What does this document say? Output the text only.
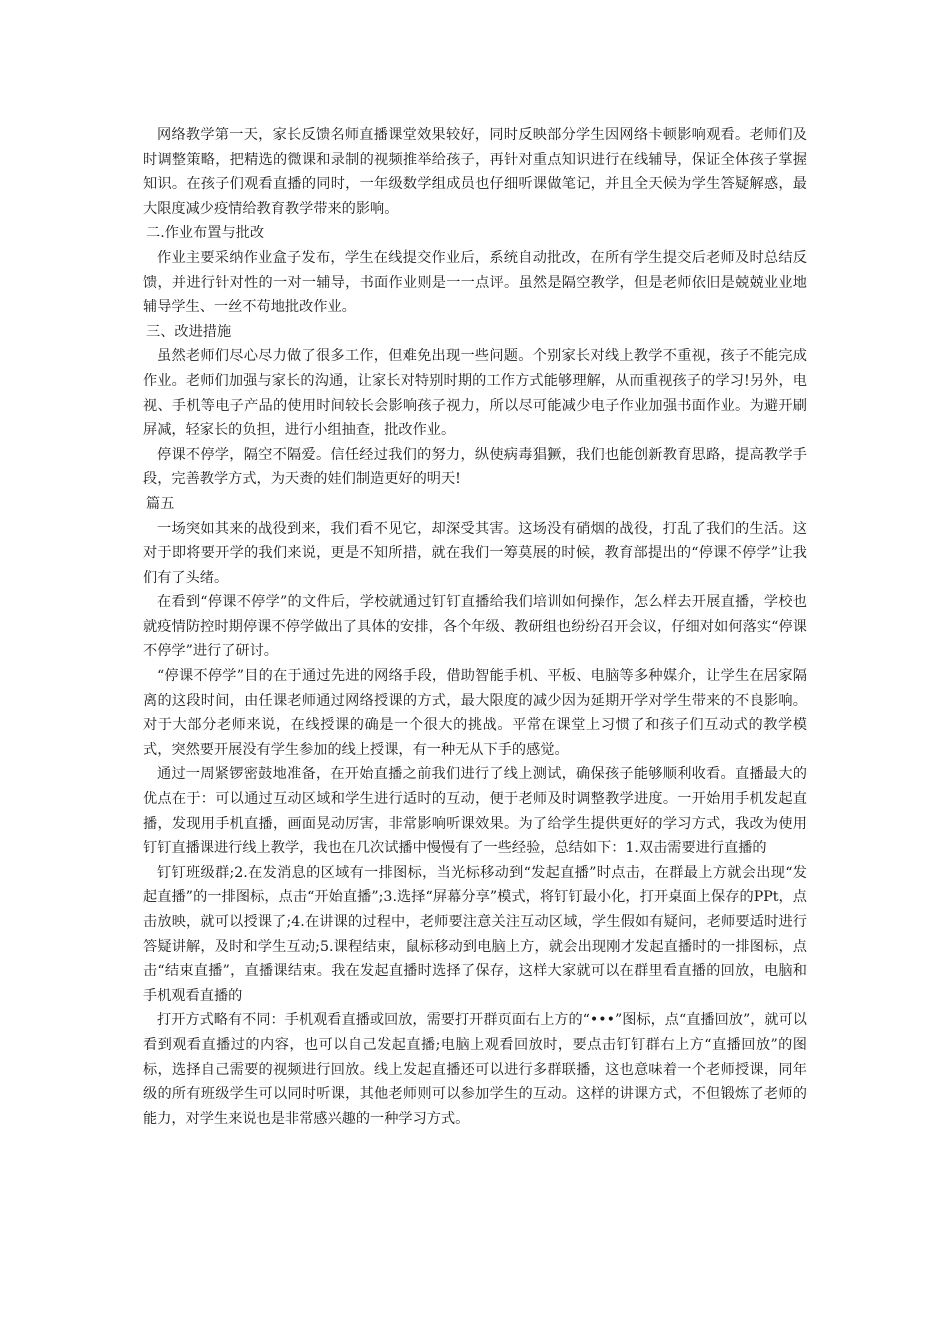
网络教学第一天，家长反馈名师直播课堂效果较好，同时反映部分学生因网络卡顿影响观看。老师们及时调整策略，把精选的微课和录制的视频推举给孩子，再针对重点知识进行在线辅导，保证全体孩子掌握知识。在孩子们观看直播的同时，一年级数学组成员也仔细听课做笔记，并且全天候为学生答疑解惑，最大限度减少疫情给教育教学带来的影响。

二.作业布置与批改

作业主要采纳作业盒子发布，学生在线提交作业后，系统自动批改，在所有学生提交后老师及时总结反馈，并进行针对性的一对一辅导，书面作业则是一一点评。虽然是隔空教学，但是老师依旧是兢兢业业地辅导学生、一丝不苟地批改作业。

三、改进措施

虽然老师们尽心尽力做了很多工作，但难免出现一些问题。个别家长对线上教学不重视，孩子不能完成作业。老师们加强与家长的沟通，让家长对特别时期的工作方式能够理解，从而重视孩子的学习!另外，电视、手机等电子产品的使用时间较长会影响孩子视力，所以尽可能减少电子作业加强书面作业。为避开刷屏减，轻家长的负担，进行小组抽查，批改作业。

停课不停学，隔空不隔爱。信任经过我们的努力，纵使病毒猖獗，我们也能创新教育思路，提高教学手段，完善教学方式，为天赉的娃们制造更好的明天!

篇五

一场突如其来的战役到来，我们看不见它，却深受其害。这场没有硝烟的战役，打乱了我们的生活。这对于即将要开学的我们来说，更是不知所措，就在我们一筹莫展的时候，教育部提出的“停课不停学”让我们有了头绪。

在看到“停课不停学”的文件后，学校就通过钉钉直播给我们培训如何操作，怎么样去开展直播，学校也就疫情防控时期停课不停学做出了具体的安排，各个年级、教研组也纷纷召开会议，仔细对如何落实“停课不停学”进行了研讨。

“停课不停学”目的在于通过先进的网络手段，借助智能手机、平板、电脑等多种媒介，让学生在居家隔离的这段时间，由任课老师通过网络授课的方式，最大限度的减少因为延期开学对学生带来的不良影响。对于大部分老师来说，在线授课的确是一个很大的挑战。平常在课堂上习惯了和孩子们互动式的教学模式，突然要开展没有学生参加的线上授课，有一种无从下手的感觉。

通过一周紧锣密鼓地准备，在开始直播之前我们进行了线上测试，确保孩子能够顺利收看。直播最大的优点在于：可以通过互动区域和学生进行适时的互动，便于老师及时调整教学进度。一开始用手机发起直播，发现用手机直播，画面晃动厉害，非常影响听课效果。为了给学生提供更好的学习方式，我改为使用钉钉直播课进行线上教学，我也在几次试播中慢慢有了一些经验，总结如下：1.双击需要进行直播的

钉钉班级群;2.在发消息的区域有一排图标，当光标移动到“发起直播”时点击，在群最上方就会出现“发起直播”的一排图标，点击“开始直播”;3.选择“屏幕分享”模式，将钉钉最小化，打开桌面上保存的PPt，点击放映，就可以授课了;4.在讲课的过程中，老师要注意关注互动区域，学生假如有疑问，老师要适时进行答疑讲解，及时和学生互动;5.课程结束，鼠标移动到电脑上方，就会出现刚才发起直播时的一排图标，点击“结束直播”，直播课结束。我在发起直播时选择了保存，这样大家就可以在群里看直播的回放，电脑和手机观看直播的

打开方式略有不同：手机观看直播或回放，需要打开群页面右上方的“•••”图标，点“直播回放”，就可以看到观看直播过的内容，也可以自己发起直播;电脑上观看回放时，要点击钉钉群右上方“直播回放”的图标，选择自己需要的视频进行回放。线上发起直播还可以进行多群联播，这也意味着一个老师授课，同年级的所有班级学生可以同时听课，其他老师则可以参加学生的互动。这样的讲课方式，不但锻炼了老师的能力，对学生来说也是非常感兴趣的一种学习方式。
